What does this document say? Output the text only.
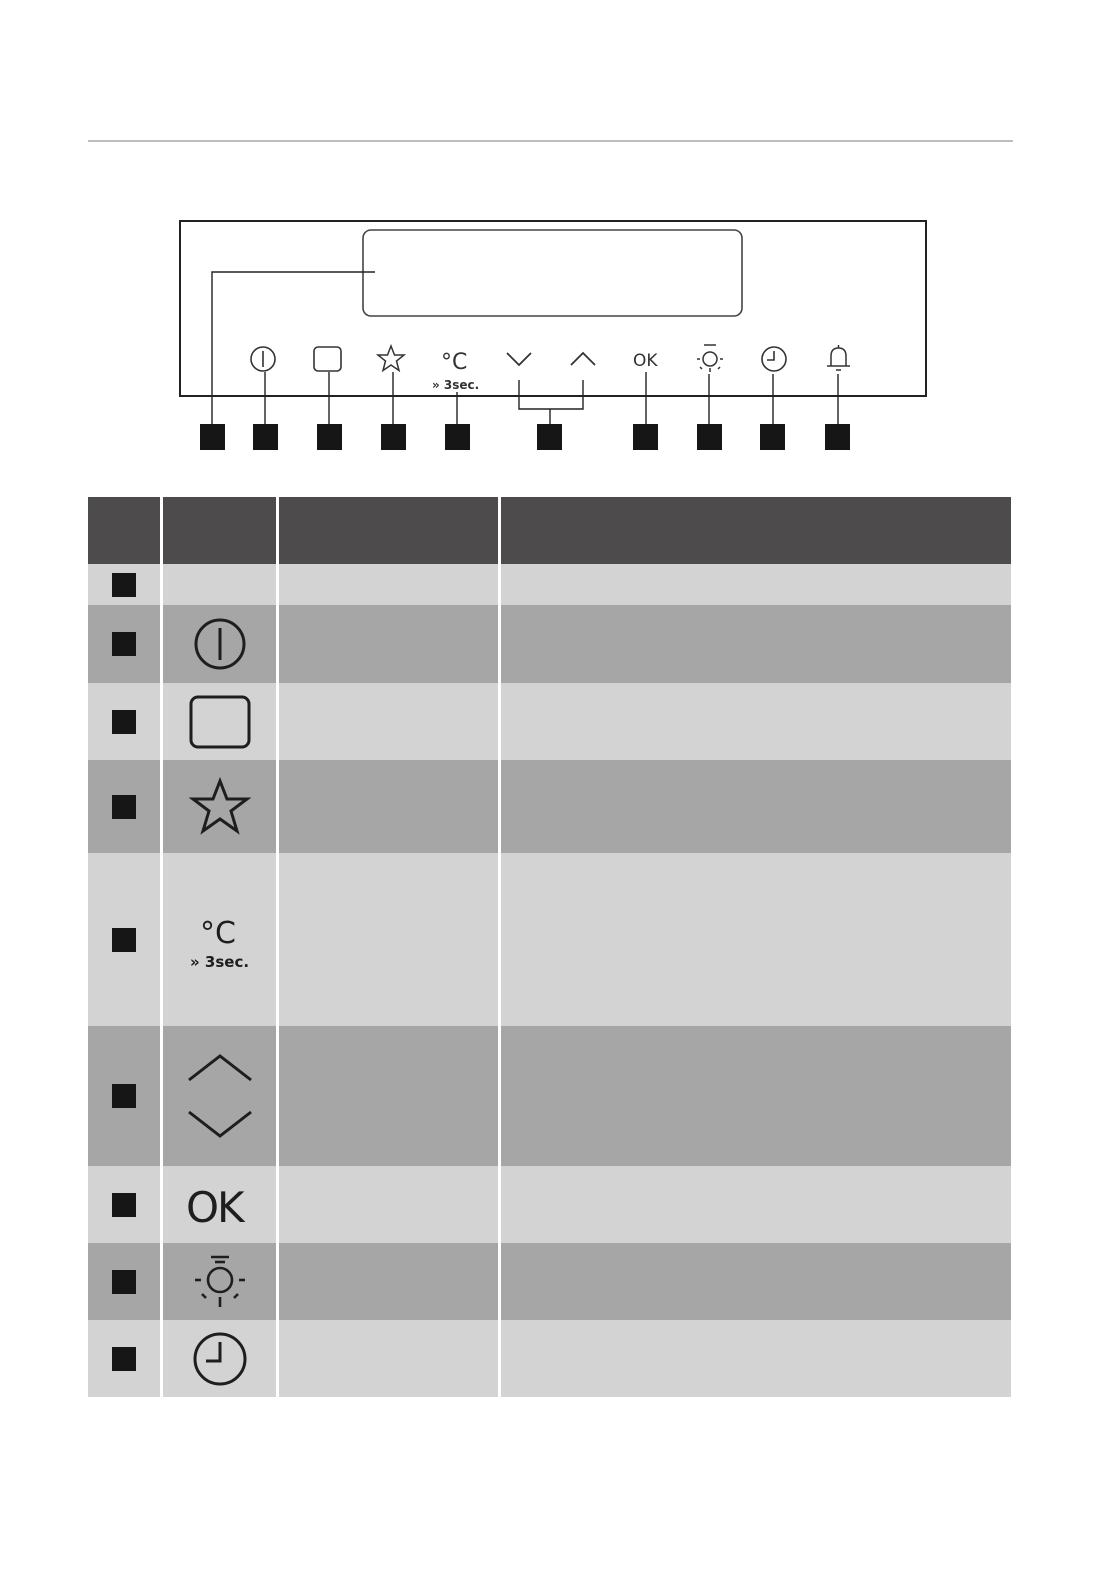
°C
» 3sec.
OK
°C
» 3sec.
OK
